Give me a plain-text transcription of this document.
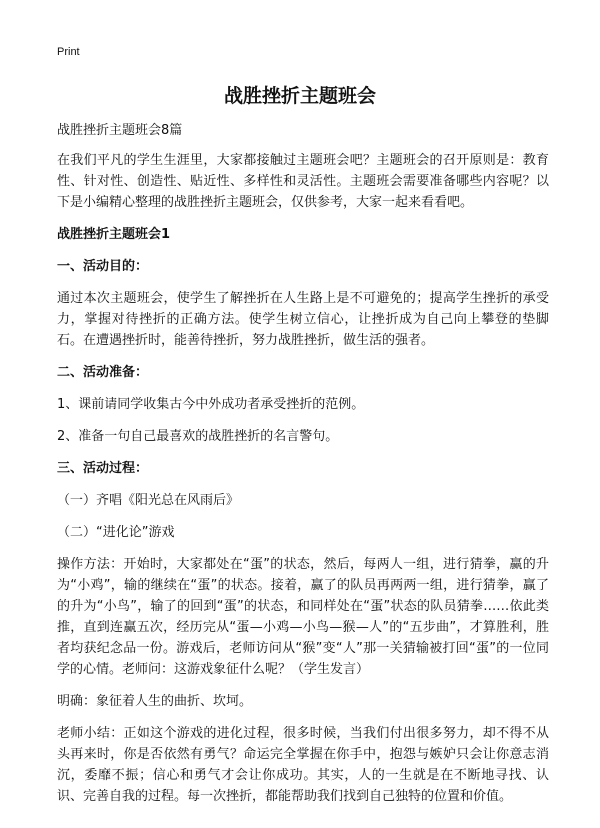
Print
战胜挫折主题班会

战胜挫折主题班会8篇

在我们平凡的学生生涯里，大家都接触过主题班会吧？主题班会的召开原则是：教育性、针对性、创造性、贴近性、多样性和灵活性。主题班会需要准备哪些内容呢？以下是小编精心整理的战胜挫折主题班会，仅供参考，大家一起来看看吧。

战胜挫折主题班会1

一、活动目的：

通过本次主题班会，使学生了解挫折在人生路上是不可避免的；提高学生挫折的承受力，掌握对待挫折的正确方法。使学生树立信心，让挫折成为自己向上攀登的垫脚石。在遭遇挫折时，能善待挫折，努力战胜挫折，做生活的强者。

二、活动准备：

1、课前请同学收集古今中外成功者承受挫折的范例。

2、准备一句自己最喜欢的战胜挫折的名言警句。

三、活动过程：

（一）齐唱《阳光总在风雨后》

（二）“进化论”游戏

操作方法：开始时，大家都处在“蛋”的状态，然后，每两人一组，进行猜拳，赢的升为“小鸡”，输的继续在“蛋”的状态。接着，赢了的队员再两两一组，进行猜拳，赢了的升为“小鸟”，输了的回到“蛋”的状态，和同样处在“蛋”状态的队员猜拳……依此类推，直到连赢五次，经历完从“蛋—小鸡—小鸟—猴—人”的“五步曲”，才算胜利，胜者均获纪念品一份。游戏后，老师访问从“猴”变“人”那一关猜输被打回“蛋”的一位同学的心情。老师问：这游戏象征什么呢？（学生发言）

明确：象征着人生的曲折、坎坷。

老师小结：正如这个游戏的进化过程，很多时候，当我们付出很多努力，却不得不从头再来时，你是否依然有勇气？命运完全掌握在你手中，抱怨与嫉妒只会让你意志消沉，委靡不振；信心和勇气才会让你成功。其实，人的一生就是在不断地寻找、认识、完善自我的过程。每一次挫折，都能帮助我们找到自己独特的位置和价值。
